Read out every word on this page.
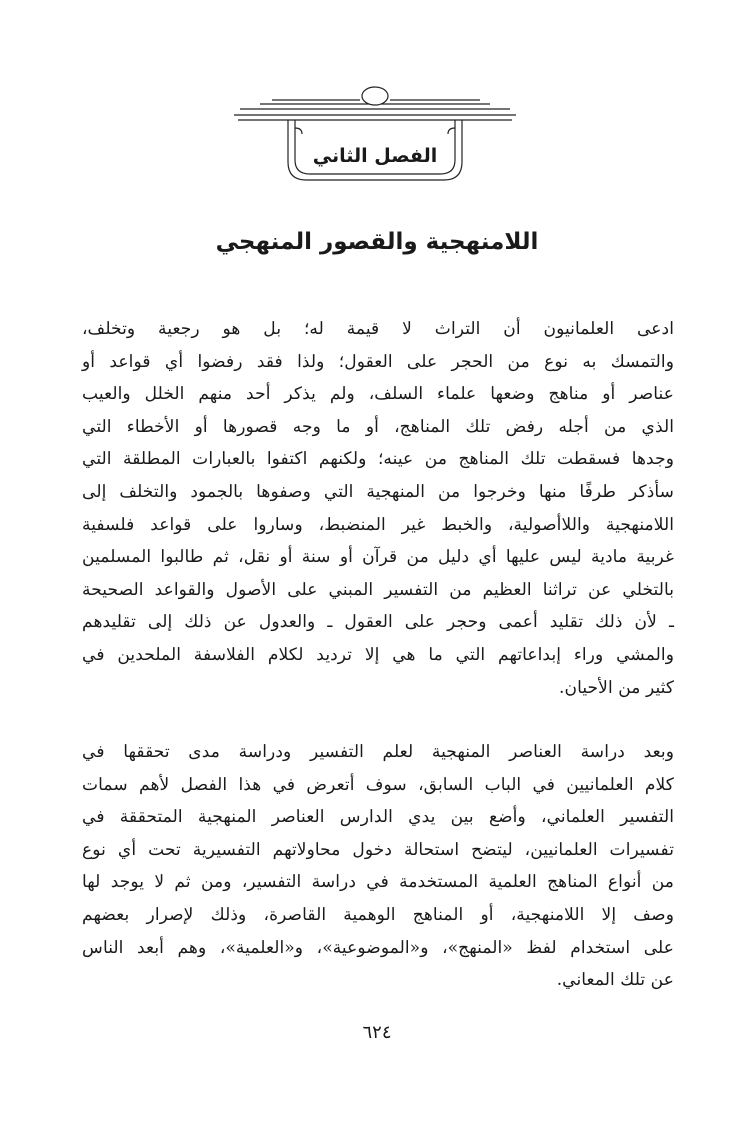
الفصل الثاني
اللامنهجية والقصور المنهجي
ادعى العلمانيون أن التراث لا قيمة له؛ بل هو رجعية وتخلف،
والتمسك به نوع من الحجر على العقول؛ ولذا فقد رفضوا أي قواعد أو
عناصر أو مناهج وضعها علماء السلف، ولم يذكر أحد منهم الخلل والعيب
الذي من أجله رفض تلك المناهج، أو ما وجه قصورها أو الأخطاء التي
وجدها فسقطت تلك المناهج من عينه؛ ولكنهم اكتفوا بالعبارات المطلقة التي
سأذكر طرفًا منها وخرجوا من المنهجية التي وصفوها بالجمود والتخلف إلى
اللامنهجية واللاأصولية، والخبط غير المنضبط، وساروا على قواعد فلسفية
غربية مادية ليس عليها أي دليل من قرآن أو سنة أو نقل، ثم طالبوا المسلمين
بالتخلي عن تراثنا العظيم من التفسير المبني على الأصول والقواعد الصحيحة
ـ لأن ذلك تقليد أعمى وحجر على العقول ـ والعدول عن ذلك إلى تقليدهم
والمشي وراء إبداعاتهم التي ما هي إلا ترديد لكلام الفلاسفة الملحدين في
كثير من الأحيان.
وبعد دراسة العناصر المنهجية لعلم التفسير ودراسة مدى تحققها في
كلام العلمانيين في الباب السابق، سوف أتعرض في هذا الفصل لأهم سمات
التفسير العلماني، وأضع بين يدي الدارس العناصر المنهجية المتحققة في
تفسيرات العلمانيين، ليتضح استحالة دخول محاولاتهم التفسيرية تحت أي نوع
من أنواع المناهج العلمية المستخدمة في دراسة التفسير، ومن ثم لا يوجد لها
وصف إلا اللامنهجية، أو المناهج الوهمية القاصرة، وذلك لإصرار بعضهم
على استخدام لفظ «المنهج»، و«الموضوعية»، و«العلمية»، وهم أبعد الناس
عن تلك المعاني.
٦٢٤
